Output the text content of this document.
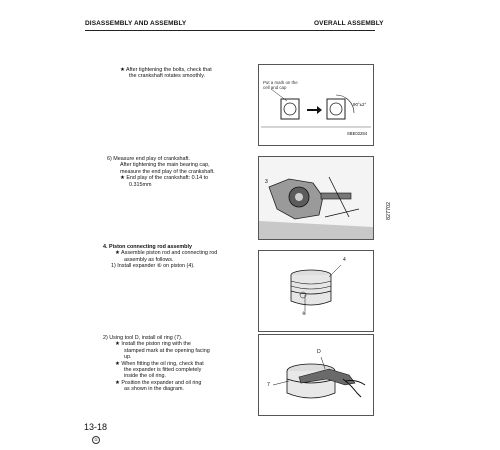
DISASSEMBLY AND ASSEMBLY	OVERALL ASSEMBLY
★ After tightening the bolts, check that
the crankshaft rotates smoothly.
Put a mark on the
cell and cap
90°±2°
SBE02284
6) Measure end play of crankshaft.
After tightening the main bearing cap,
measure the end play of the crankshaft.
★ End play of the crankshaft: 0.14 to
0.315mm	3
827702
4. Piston connecting rod assembly
★ Assemble piston rod and connecting rod
assembly as follows.
1) Install expander ⑥ on piston (4).
4
⑥
2) Using tool D, install oil ring (7).
★ Install the piston ring with the
stamped mark at the opening facing
up.
★ When fitting the oil ring, check that
the expander is fitted completely
inside the oil ring.
★ Position the expander and oil ring
as shown in the diagram.
D
7
13-18
①
